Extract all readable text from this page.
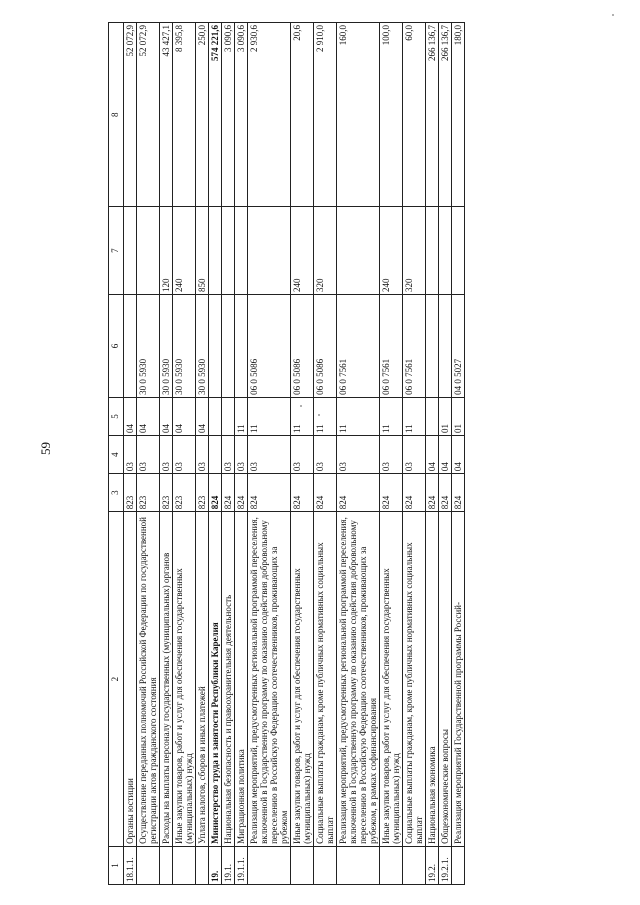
59
1	2	3	4	5	6	7	8
18.1.1.	Органы юстиции	823	03	04			52 072,9
	Осуществление переданных полномочий Российской Федерации по государственной регистрации актов гражданского состояния	823	03	04	30 0 5930		52 072,9
	Расходы на выплаты персоналу государственных (муниципальных) органов	823	03	04	30 0 5930	120	43 427,1
	Иные закупки товаров, работ и услуг для обеспечения государственных (муниципальных) нужд	823	03	04	30 0 5930	240	8 395,8
	Уплата налогов, сборов и иных платежей	823	03	04	30 0 5930	850	250,0
19.	Министерство труда и занятости Республики Карелия	824					574 221,6
19.1.	Национальная безопасность и правоохранительная деятельность	824	03				3 090,6
19.1.1.	Миграционная политика	824	03	11			3 090,6
	Реализация мероприятий, предусмотренных региональной программой переселения, включенной в Государственную программу по оказанию содействия добровольному переселению в Российскую Федерацию соотечественников, проживающих за рубежом	824	03	11	06 0 5086		2 930,6
	Иные закупки товаров, работ и услуг для обеспечения государственных (муниципальных) нужд	824	03	11	06 0 5086	240	20,6
	Социальные выплаты гражданам, кроме публичных нормативных социальных выплат	824	03	11	06 0 5086	320	2 910,0
	Реализация мероприятий, предусмотренных региональной программой переселения, включенной в Государственную программу по оказанию содействия добровольному переселению в Российскую Федерацию соотечественников, проживающих за рубежом, в рамках софинансирования	824	03	11	06 0 7561		160,0
	Иные закупки товаров, работ и услуг для обеспечения государственных (муниципальных) нужд	824	03	11	06 0 7561	240	100,0
	Социальные выплаты гражданам, кроме публичных нормативных социальных выплат	824	03	11	06 0 7561	320	60,0
19.2.	Национальная экономика	824	04				266 136,7
19.2.1.	Общеэкономические вопросы	824	04	01			266 136,7
	Реализация мероприятий Государственной программы Россий-	824	04	01	04 0 5027		180,0
